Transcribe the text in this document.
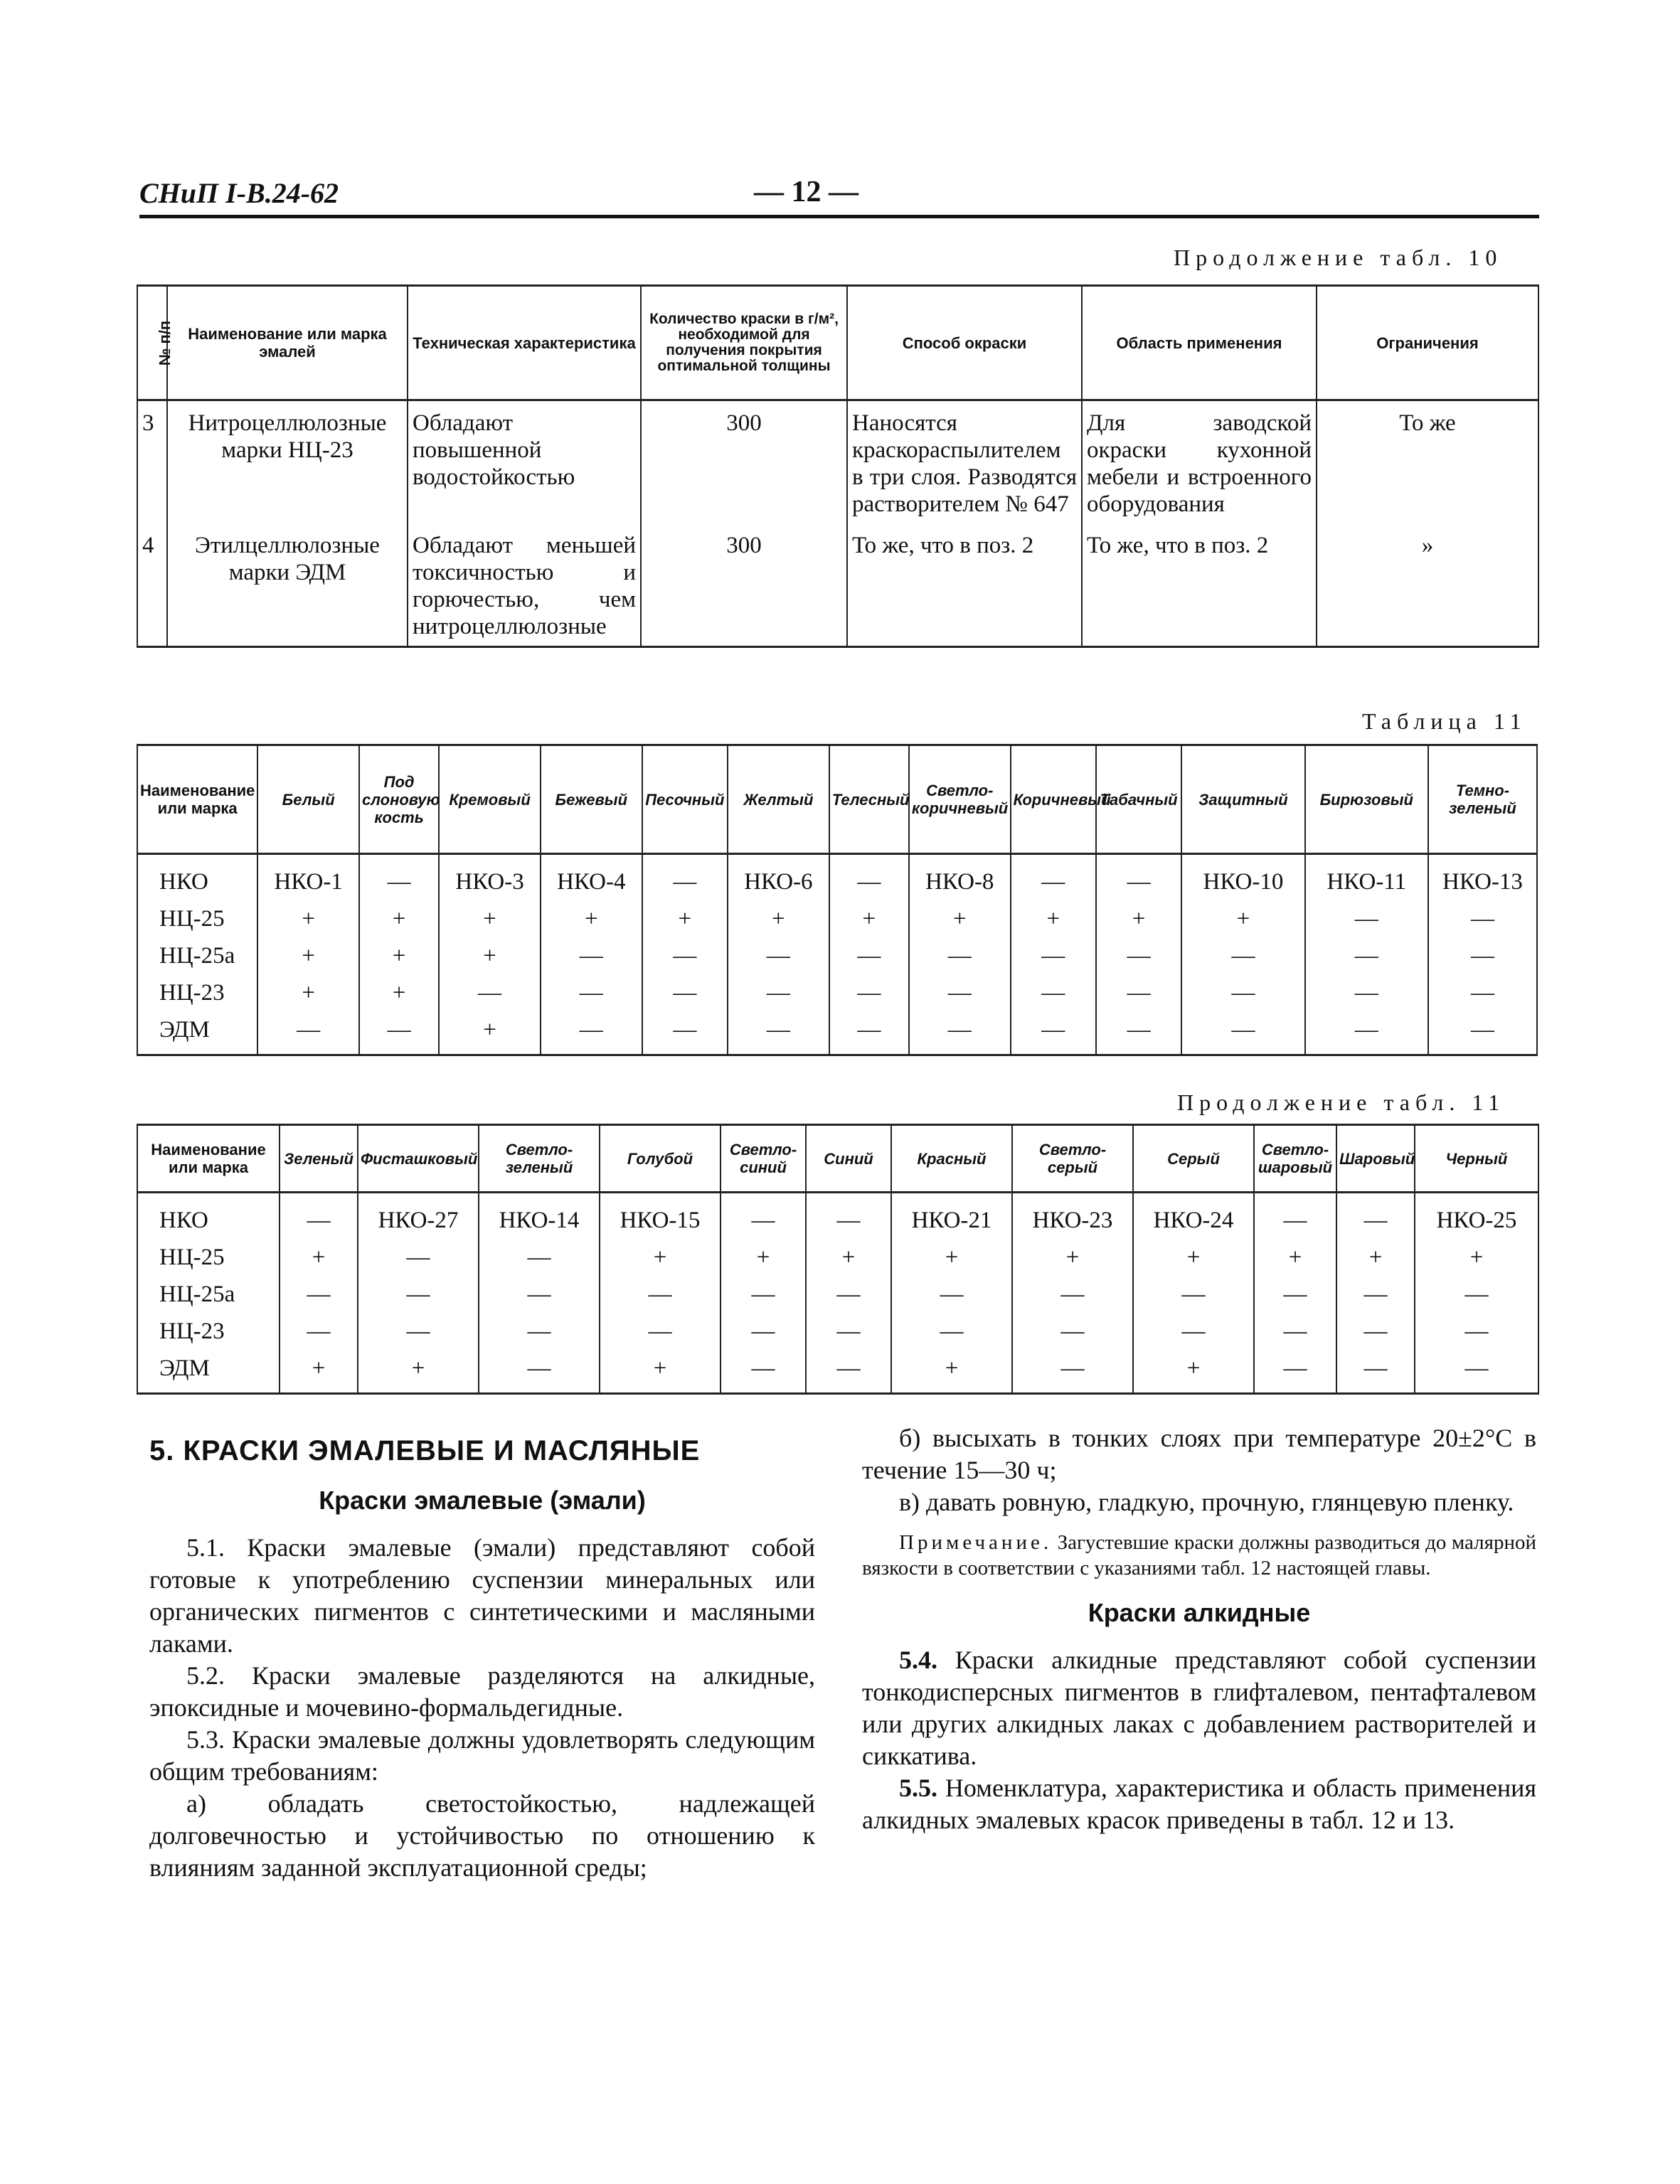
СНиП I-В.24-62	— 12 —
Продолжение табл. 10
№ п/п	Наименование или марка эмалей	Техническая характеристика	Количество краски в г/м², необходимой для получения покрытия оптимальной толщины	Способ окраски	Область применения	Ограничения
3	Нитроцеллюлозные марки НЦ-23	Обладают повышенной водостойкостью	300	Наносятся краскораспылителем в три слоя. Разводятся растворителем № 647	Для заводской окраски кухонной мебели и встроенного оборудования	То же
4	Этилцеллюлозные марки ЭДМ	Обладают меньшей токсичностью и горючестью, чем нитроцеллюлозные	300	То же, что в поз. 2	То же, что в поз. 2	»
Таблица 11
Наименование или марка	Белый	Под слоновую кость	Кремовый	Бежевый	Песочный	Желтый	Телесный	Светло-коричневый	Коричневый	Табачный	Защитный	Бирюзовый	Темно-зеленый
НКО	НКО-1	—	НКО-3	НКО-4	—	НКО-6	—	НКО-8	—	—	НКО-10	НКО-11	НКО-13
НЦ-25	+	+	+	+	+	+	+	+	+	+	+	—	—
НЦ-25а	+	+	+	—	—	—	—	—	—	—	—	—	—
НЦ-23	+	+	—	—	—	—	—	—	—	—	—	—	—
ЭДМ	—	—	+	—	—	—	—	—	—	—	—	—	—
Продолжение табл. 11
Наименование или марка	Зеленый	Фисташковый	Светло-зеленый	Голубой	Светло-синий	Синий	Красный	Светло-серый	Серый	Светло-шаровый	Шаровый	Черный
НКО	—	НКО-27	НКО-14	НКО-15	—	—	НКО-21	НКО-23	НКО-24	—	—	НКО-25
НЦ-25	+	—	—	+	+	+	+	+	+	+	+	+
НЦ-25а	—	—	—	—	—	—	—	—	—	—	—	—
НЦ-23	—	—	—	—	—	—	—	—	—	—	—	—
ЭДМ	+	+	—	+	—	—	+	—	+	—	—	—
5. КРАСКИ ЭМАЛЕВЫЕ И МАСЛЯНЫЕ
Краски эмалевые (эмали)

5.1. Краски эмалевые (эмали) представляют собой готовые к употреблению суспензии минеральных или органических пигментов с синтетическими и масляными лаками.

5.2. Краски эмалевые разделяются на алкидные, эпоксидные и мочевино-формальдегидные.

5.3. Краски эмалевые должны удовлетворять следующим общим требованиям:

а) обладать светостойкостью, надлежащей долговечностью и устойчивостью по отношению к влияниям заданной эксплуатационной среды;

б) высыхать в тонких слоях при температуре 20±2°С в течение 15—30 ч;

в) давать ровную, гладкую, прочную, глянцевую пленку.

Примечание. Загустевшие краски должны разводиться до малярной вязкости в соответствии с указаниями табл. 12 настоящей главы.

Краски алкидные

5.4. Краски алкидные представляют собой суспензии тонкодисперсных пигментов в глифталевом, пентафталевом или других алкидных лаках с добавлением растворителей и сиккатива.

5.5. Номенклатура, характеристика и область применения алкидных эмалевых красок приведены в табл. 12 и 13.
